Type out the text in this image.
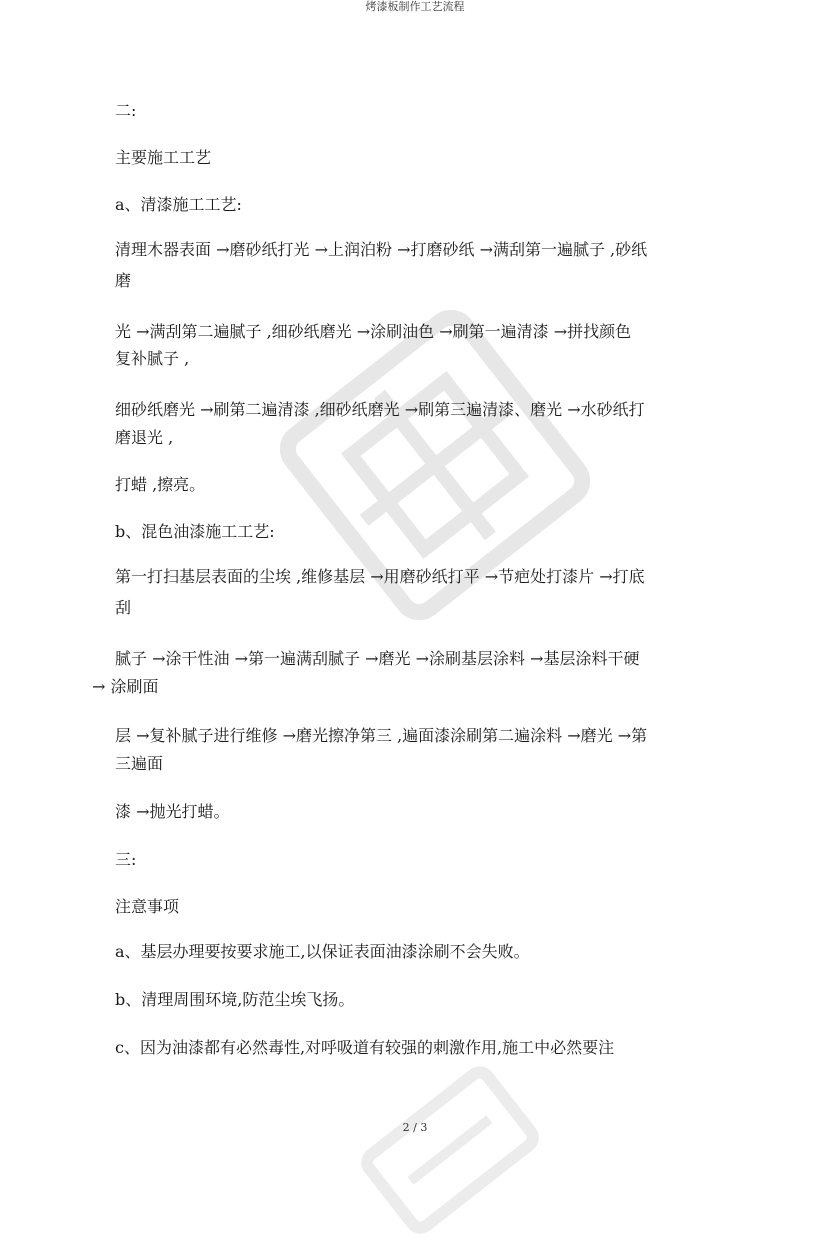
烤漆板制作工艺流程
二:
主要施工工艺
a、清漆施工工艺:
清理木器表面 →磨砂纸打光 →上润泊粉 →打磨砂纸 →满刮第一遍腻子 ,砂纸
磨
光 →满刮第二遍腻子 ,细砂纸磨光 →涂刷油色 →刷第一遍清漆 →拼找颜色
复补腻子 ,
细砂纸磨光 →刷第二遍清漆 ,细砂纸磨光 →刷第三遍清漆、磨光 →水砂纸打
磨退光 ,
打蜡 ,擦亮。
b、混色油漆施工工艺:
第一打扫基层表面的尘埃 ,维修基层 →用磨砂纸打平 →节疤处打漆片 →打底
刮
腻子 →涂干性油 →第一遍满刮腻子 →磨光 →涂刷基层涂料 →基层涂料干硬
→ 涂刷面
层 →复补腻子进行维修 →磨光擦净第三 ,遍面漆涂刷第二遍涂料 →磨光 →第
三遍面
漆 →抛光打蜡。
三:
注意事项
a、基层办理要按要求施工,以保证表面油漆涂刷不会失败。
b、清理周围环境,防范尘埃飞扬。
c、因为油漆都有必然毒性,对呼吸道有较强的刺激作用,施工中必然要注
2 / 3
